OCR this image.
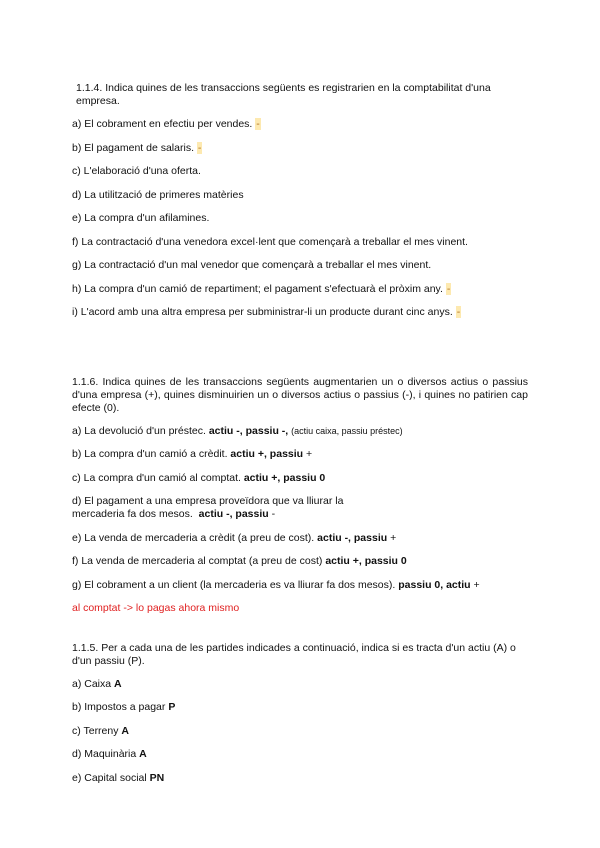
1.1.4. Indica quines de les transaccions següents es registrarien en la comptabilitat d'una empresa.

a) El cobrament en efectiu per vendes. -

b) El pagament de salaris. -

c) L'elaboració d'una oferta.

d) La utilització de primeres matèries

e) La compra d'un afilamines.

f) La contractació d'una venedora excel·lent que començarà a treballar el mes vinent.

g) La contractació d'un mal venedor que començarà a treballar el mes vinent.

h) La compra d'un camió de repartiment; el pagament s'efectuarà el pròxim any. -

i) L'acord amb una altra empresa per subministrar-li un producte durant cinc anys. -

1.1.6. Indica quines de les transaccions següents augmentarien un o diversos actius o passius d'una empresa (+), quines disminuirien un o diversos actius o passius (-), i quines no patirien cap efecte (0).

a) La devolució d'un préstec. actiu -, passiu -, (actiu caixa, passiu préstec)

b) La compra d'un camió a crèdit. actiu +, passiu +

c) La compra d'un camió al comptat. actiu +, passiu 0

d) El pagament a una empresa proveïdora que va lliurar la
mercaderia fa dos mesos. actiu -, passiu -

e) La venda de mercaderia a crèdit (a preu de cost). actiu -, passiu +

f) La venda de mercaderia al comptat (a preu de cost) actiu +, passiu 0

g) El cobrament a un client (la mercaderia es va lliurar fa dos mesos). passiu 0, actiu +

al comptat -> lo pagas ahora mismo

1.1.5. Per a cada una de les partides indicades a continuació, indica si es tracta d'un actiu (A) o d'un passiu (P).

a) Caixa A

b) Impostos a pagar P

c) Terreny A

d) Maquinària A

e) Capital social PN
